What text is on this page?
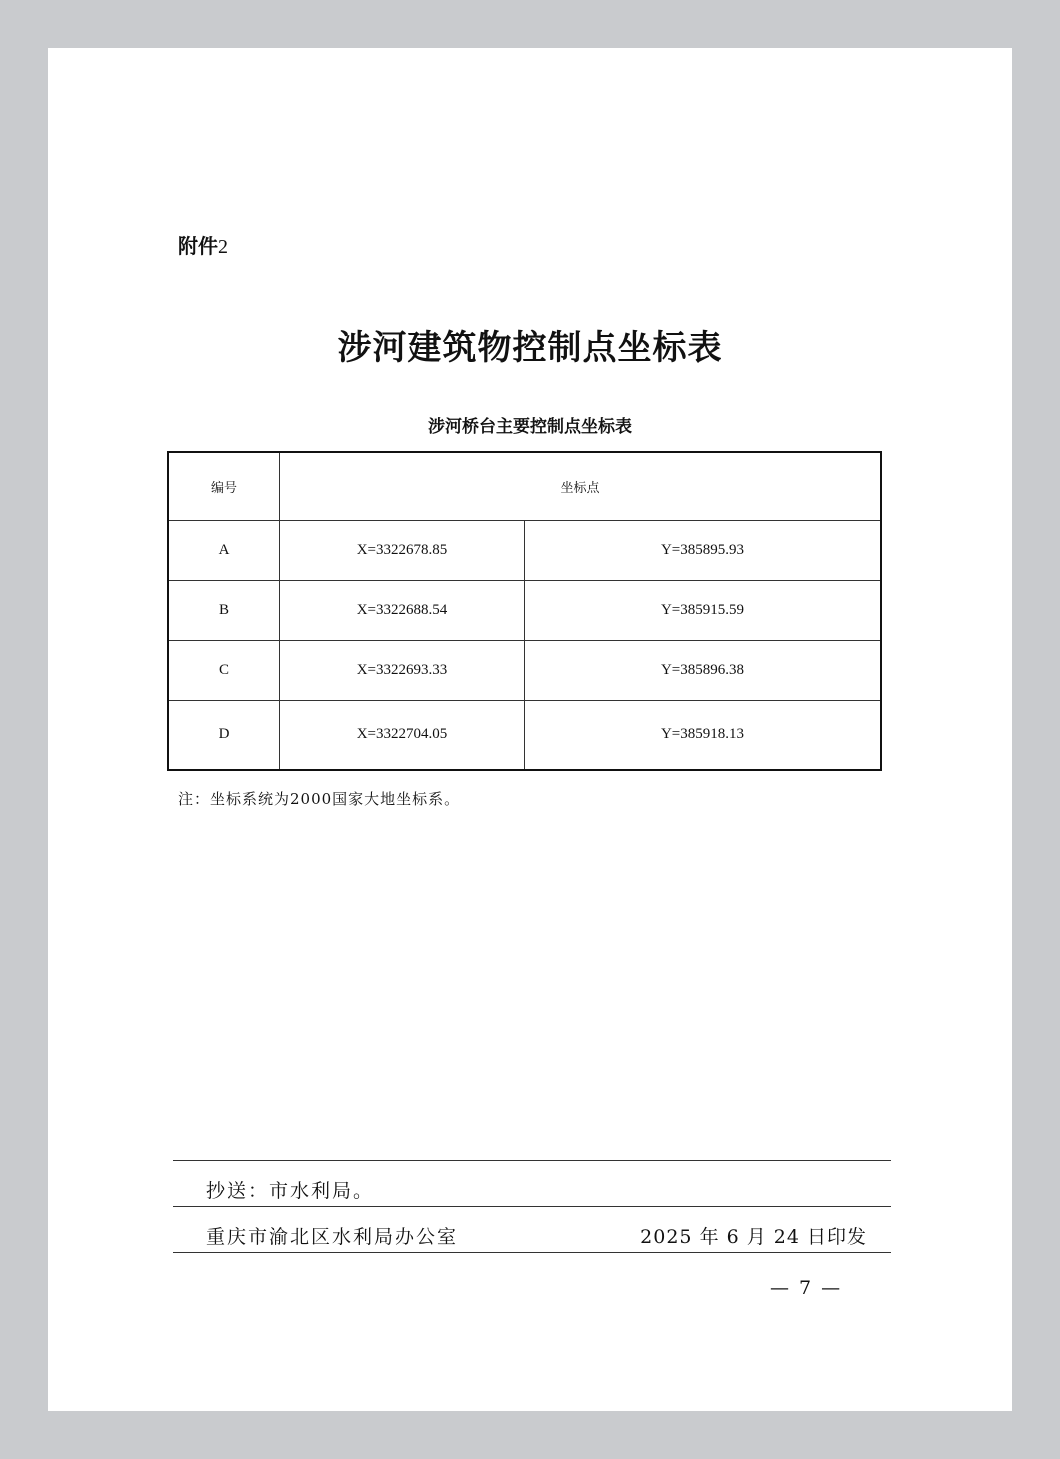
附件2
涉河建筑物控制点坐标表
涉河桥台主要控制点坐标表
编号	坐标点	
A	X=3322678.85	Y=385895.93
B	X=3322688.54	Y=385915.59
C	X=3322693.33	Y=385896.38
D	X=3322704.05	Y=385918.13
注：坐标系统为2000国家大地坐标系。
抄送：市水利局。
重庆市渝北区水利局办公室	2025 年 6 月 24 日印发
— 7 —
